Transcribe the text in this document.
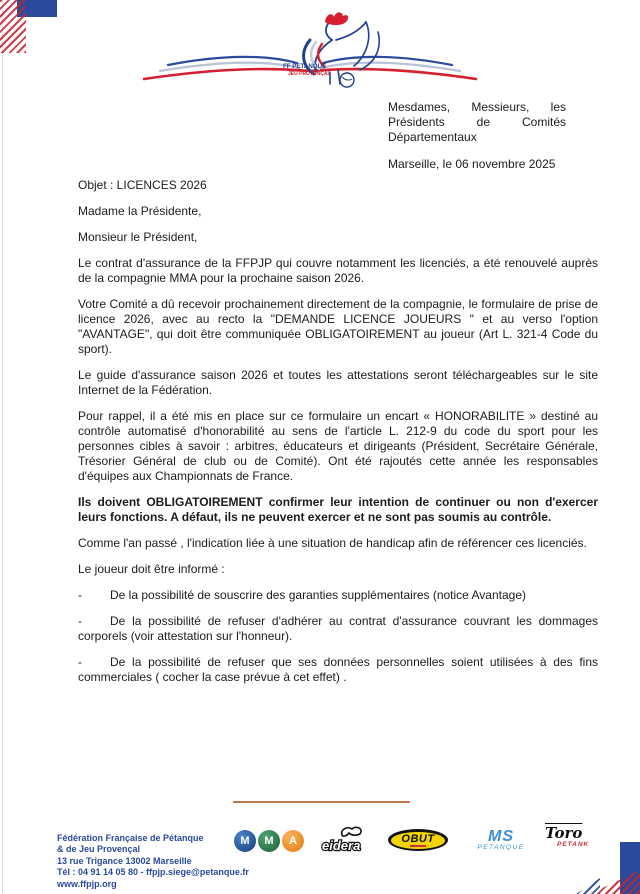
FF PETANQUE
JEU PROVENÇAL
Mesdames, Messieurs, les Présidents de Comités Départementaux
Marseille, le 06 novembre 2025

Objet : LICENCES 2026

Madame la Présidente,

Monsieur le Président,

Le contrat d'assurance de la FFPJP qui couvre notamment les licenciés, a été renouvelé auprès de la compagnie MMA pour la prochaine saison 2026.

Votre Comité a dû recevoir prochainement directement de la compagnie, le formulaire de prise de licence 2026, avec au recto la "DEMANDE LICENCE JOUEURS " et au verso l'option "AVANTAGE", qui doit être communiquée OBLIGATOIREMENT au joueur (Art L. 321-4 Code du sport).

Le guide d'assurance saison 2026 et toutes les attestations seront téléchargeables sur le site Internet de la Fédération.

Pour rappel, il a été mis en place sur ce formulaire un encart « HONORABILITE » destiné au contrôle automatisé d'honorabilité au sens de l'article L. 212-9 du code du sport pour les personnes cibles à savoir : arbitres, éducateurs et dirigeants (Président, Secrétaire Générale, Trésorier Général de club ou de Comité). Ont été rajoutés cette année les responsables d'équipes aux Championnats de France.

Ils doivent OBLIGATOIREMENT confirmer leur intention de continuer ou non d'exercer leurs fonctions. A défaut, ils ne peuvent exercer et ne sont pas soumis au contrôle.

Comme l'an passé , l'indication liée à une situation de handicap afin de référencer ces licenciés.

Le joueur doit être informé :

- De la possibilité de souscrire des garanties supplémentaires (notice Avantage)

- De la possibilité de refuser d'adhérer au contrat d'assurance couvrant les dommages corporels (voir attestation sur l'honneur).

- De la possibilité de refuser que ses données personnelles soient utilisées à des fins commerciales ( cocher la case prévue à cet effet) .

Fédération Française de Pétanque
& de Jeu Provençal
13 rue Trigance 13002 Marseille
Tél : 04 91 14 05 80 - ffpjp.siege@petanque.fr
www.ffpjp.org
M M A eidera	OBUT	MS
PETANQUE
Toro
PETANK
